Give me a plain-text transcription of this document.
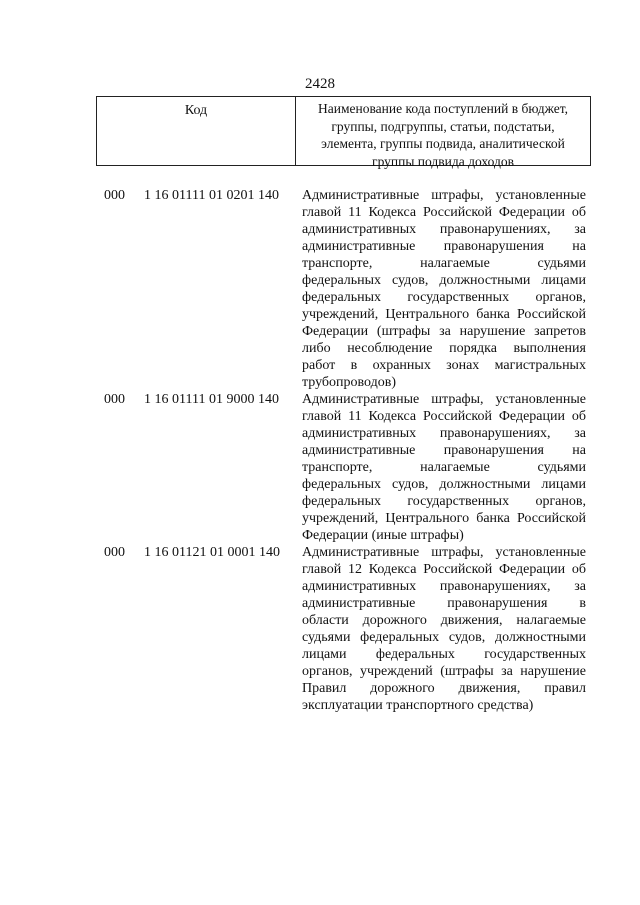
2428
Код	Наименование кода поступлений в бюджет,
группы, подгруппы, статьи, подстатьи,
элемента, группы подвида, аналитической
группы подвида доходов
000 1 16 01111 01 0201 140 Административные штрафы, установленные
главой 11 Кодекса Российской Федерации об
административных правонарушениях, за
административные правонарушения на
транспорте,	налагаемые	судьями
федеральных судов, должностными лицами
федеральных государственных органов,
учреждений, Центрального банка Российской
Федерации (штрафы за нарушение запретов
либо несоблюдение порядка выполнения
работ в охранных зонах магистральных
трубопроводов)
000 1 16 01111 01 9000 140 Административные штрафы, установленные
главой 11 Кодекса Российской Федерации об
административных правонарушениях, за
административные правонарушения на
транспорте,	налагаемые	судьями
федеральных судов, должностными лицами
федеральных государственных органов,
учреждений, Центрального банка Российской
Федерации (иные штрафы)
000 1 16 01121 01 0001 140 Административные штрафы, установленные
главой 12 Кодекса Российской Федерации об
административных правонарушениях, за
административные правонарушения в
области дорожного движения, налагаемые
судьями федеральных судов, должностными
лицами федеральных государственных
органов, учреждений (штрафы за нарушение
Правил дорожного движения, правил
эксплуатации транспортного средства)
